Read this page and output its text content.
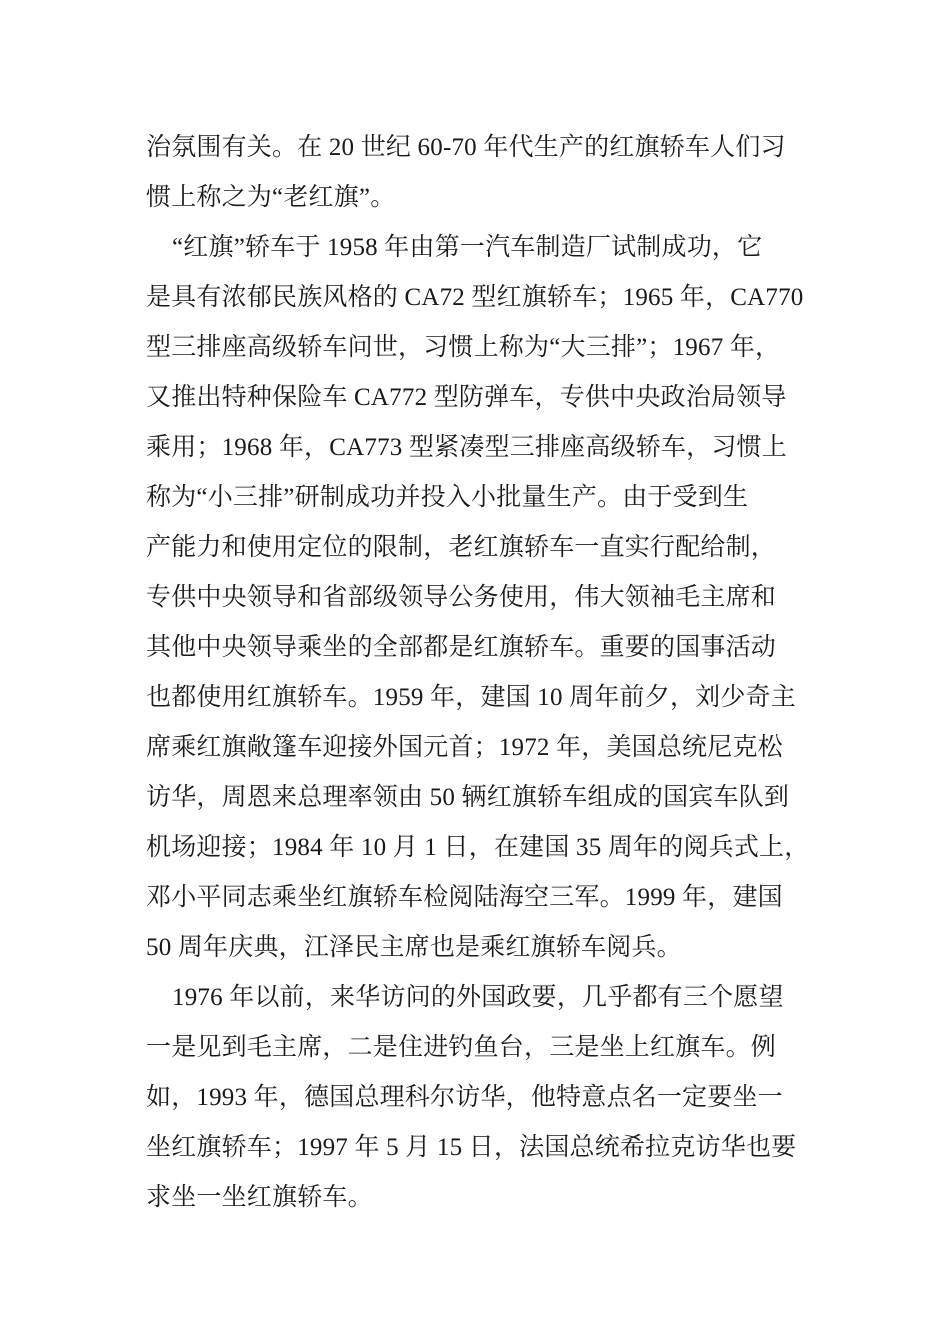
治氛围有关。在 20 世纪 60-70 年代生产的红旗轿车人们习
惯上称之为“老红旗”。
“红旗”轿车于 1958 年由第一汽车制造厂试制成功，它
是具有浓郁民族风格的 CA72 型红旗轿车；1965 年，CA770
型三排座高级轿车问世，习惯上称为“大三排”；1967 年，
又推出特种保险车 CA772 型防弹车，专供中央政治局领导
乘用；1968 年，CA773 型紧凑型三排座高级轿车，习惯上
称为“小三排”研制成功并投入小批量生产。由于受到生
产能力和使用定位的限制，老红旗轿车一直实行配给制，
专供中央领导和省部级领导公务使用，伟大领袖毛主席和
其他中央领导乘坐的全部都是红旗轿车。重要的国事活动
也都使用红旗轿车。1959 年，建国 10 周年前夕，刘少奇主
席乘红旗敞篷车迎接外国元首；1972 年，美国总统尼克松
访华，周恩来总理率领由 50 辆红旗轿车组成的国宾车队到
机场迎接；1984 年 10 月 1 日，在建国 35 周年的阅兵式上，
邓小平同志乘坐红旗轿车检阅陆海空三军。1999 年，建国
50 周年庆典，江泽民主席也是乘红旗轿车阅兵。
1976 年以前，来华访问的外国政要，几乎都有三个愿望
一是见到毛主席，二是住进钓鱼台，三是坐上红旗车。例
如，1993 年，德国总理科尔访华，他特意点名一定要坐一
坐红旗轿车；1997 年 5 月 15 日，法国总统希拉克访华也要
求坐一坐红旗轿车。
